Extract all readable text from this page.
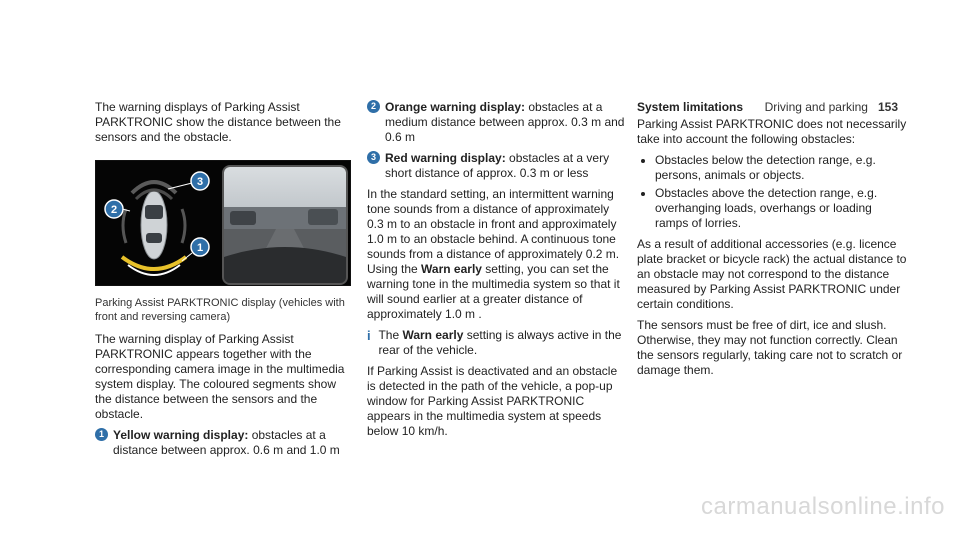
Driving and parking 153

The warning displays of Parking Assist PARKTRONIC show the distance between the sensors and the obstacle.

3
2
1

Parking Assist PARKTRONIC display (vehicles with front and reversing camera)

The warning display of Parking Assist PARKTRONIC appears together with the corresponding camera image in the multimedia system display. The coloured segments show the distance between the sensors and the obstacle.

1 Yellow warning display: obstacles at a distance between approx. 0.6 m and 1.0 m
2 Orange warning display: obstacles at a medium distance between approx. 0.3 m and 0.6 m
3 Red warning display: obstacles at a very short distance of approx. 0.3 m or less

In the standard setting, an intermittent warning tone sounds from a distance of approximately 0.3 m to an obstacle in front and approximately 1.0 m to an obstacle behind. A continuous tone sounds from a distance of approximately 0.2 m. Using the Warn early setting, you can set the warning tone in the multimedia system so that it will sound earlier at a greater distance of approximately 1.0 m .

i The Warn early setting is always active in the rear of the vehicle.

If Parking Assist is deactivated and an obstacle is detected in the path of the vehicle, a pop-up window for Parking Assist PARKTRONIC appears in the multimedia system at speeds below 10 km/h.

System limitations

Parking Assist PARKTRONIC does not necessarily take into account the following obstacles:

• Obstacles below the detection range, e.g. persons, animals or objects.
• Obstacles above the detection range, e.g. overhanging loads, overhangs or loading ramps of lorries.

As a result of additional accessories (e.g. licence plate bracket or bicycle rack) the actual distance to an obstacle may not correspond to the distance measured by Parking Assist PARKTRONIC under certain conditions.

The sensors must be free of dirt, ice and slush. Otherwise, they may not function correctly. Clean the sensors regularly, taking care not to scratch or damage them.

carmanualsonline.info
